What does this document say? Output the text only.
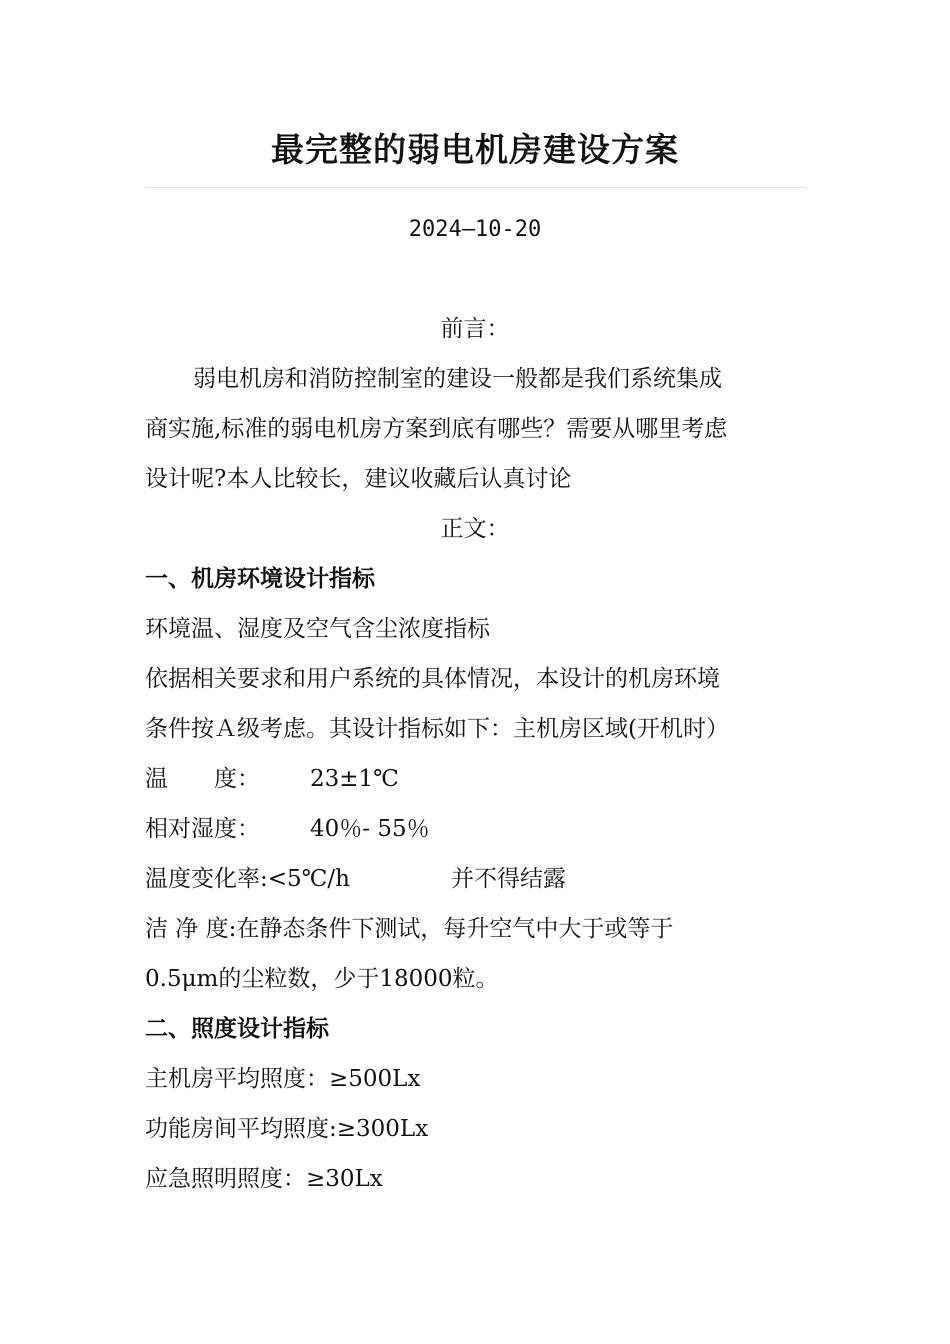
最完整的弱电机房建设方案
2024—10-20
前言：
弱电机房和消防控制室的建设一般都是我们系统集成
商实施,标准的弱电机房方案到底有哪些？需要从哪里考虑
设计呢?本人比较长，建议收藏后认真讨论
正文：
一、机房环境设计指标
环境温、湿度及空气含尘浓度指标
依据相关要求和用户系统的具体情况，本设计的机房环境
条件按Ａ级考虑。其设计指标如下：主机房区域(开机时）
温　　度： 23±1℃
相对湿度： 40％- 55％
温度变化率:<5℃/h	并不得结露
洁 净 度:在静态条件下测试，每升空气中大于或等于
0.5μm的尘粒数，少于18000粒。
二、照度设计指标
主机房平均照度：≥500Lx
功能房间平均照度:≥300Lx
应急照明照度：≥30Lx
